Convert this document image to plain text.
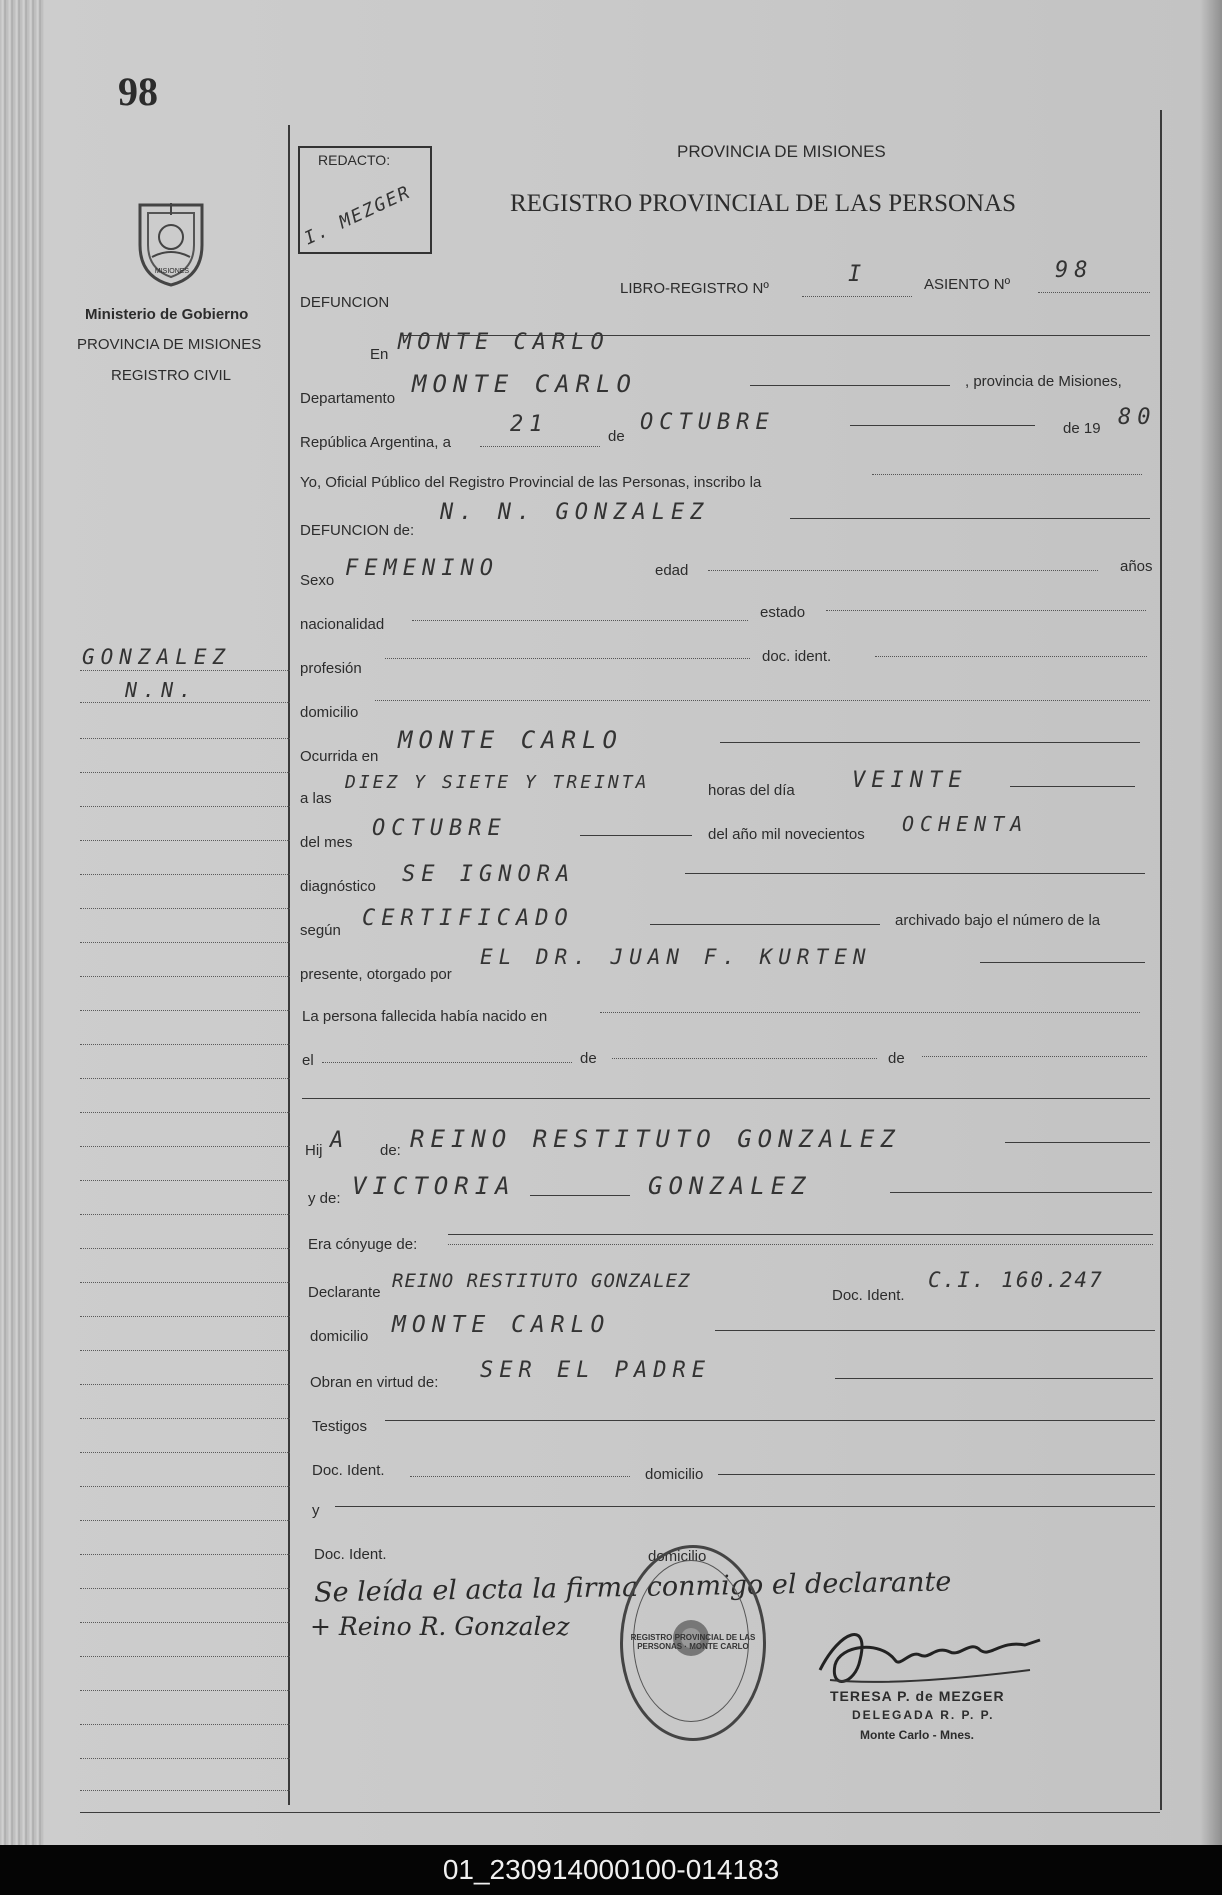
98
MISIONES
Ministerio de Gobierno
PROVINCIA DE MISIONES
REGISTRO CIVIL
GONZALEZ
N.N.
REDACTO:
I. MEZGER
PROVINCIA DE MISIONES
REGISTRO PROVINCIAL DE LAS PERSONAS
DEFUNCION
LIBRO-REGISTRO Nº
I	ASIENTO Nº
98
En MONTE CARLO
Departamento
MONTE CARLO	, provincia de Misiones,
República Argentina, a
21	de
OCTUBRE	de 19 80
Yo, Oficial Público del Registro Provincial de las Personas, inscribo la
DEFUNCION de:
N. N. GONZALEZ
Sexo FEMENINO	edad	años
nacionalidad
estado
profesión
doc. ident.
domicilio
Ocurrida en
MONTE CARLO
a las
DIEZ Y SIETE Y TREINTA	horas del día	VEINTE
del mes
OCTUBRE	del año mil novecientos OCHENTA
diagnóstico SE IGNORA
según CERTIFICADO	archivado bajo el número de la
presente, otorgado por
EL DR. JUAN F. KURTEN
La persona fallecida había nacido en
el	de	de
Hij A de: REINO RESTITUTO GONZALEZ
y de: VICTORIA	GONZALEZ
Era cónyuge de:
Declarante
REINO RESTITUTO GONZALEZ
Doc. Ident.
C.I. 160.247
domicilio MONTE CARLO
Obran en virtud de: SER EL PADRE
Testigos
Doc. Ident.	domicilio
y
Doc. Ident.	domicilio
Se leída el acta la firma conmigo el declarante
+ Reino R. Gonzalez	REGISTRO PROVINCIAL DE LAS PERSONAS · MONTE CARLO
TERESA P. de MEZGER
DELEGADA R. P. P.
Monte Carlo - Mnes.
01_230914000100-014183
